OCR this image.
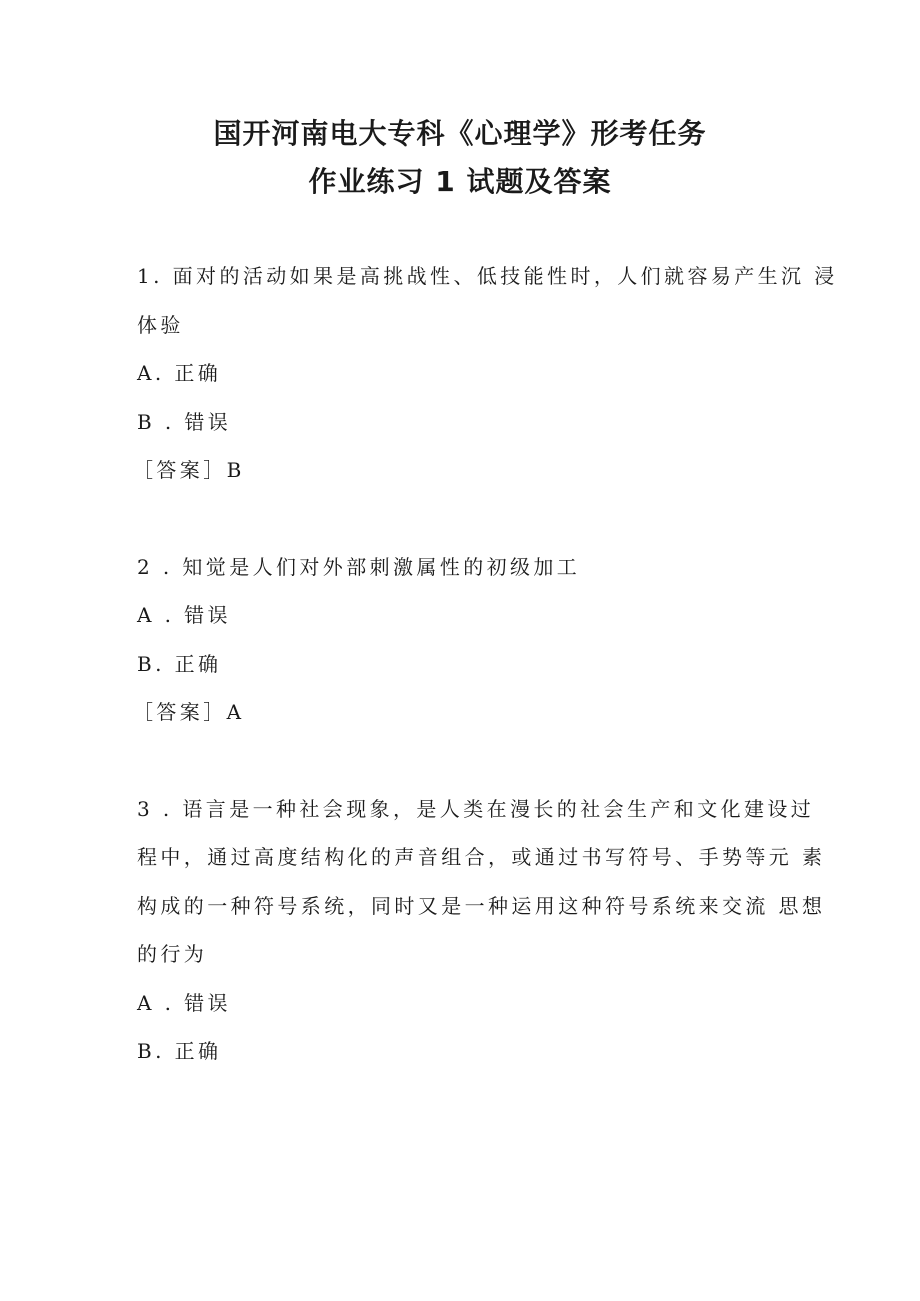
国开河南电大专科《心理学》形考任务
作业练习 1 试题及答案
1. 面对的活动如果是高挑战性、低技能性时，人们就容易产生沉 浸
体验
A. 正确
B . 错误
［答案］B
2 . 知觉是人们对外部刺激属性的初级加工
A . 错误
B. 正确
［答案］A
3 . 语言是一种社会现象，是人类在漫长的社会生产和文化建设过
程中，通过高度结构化的声音组合，或通过书写符号、手势等元 素
构成的一种符号系统，同时又是一种运用这种符号系统来交流 思想
的行为
A . 错误
B. 正确
